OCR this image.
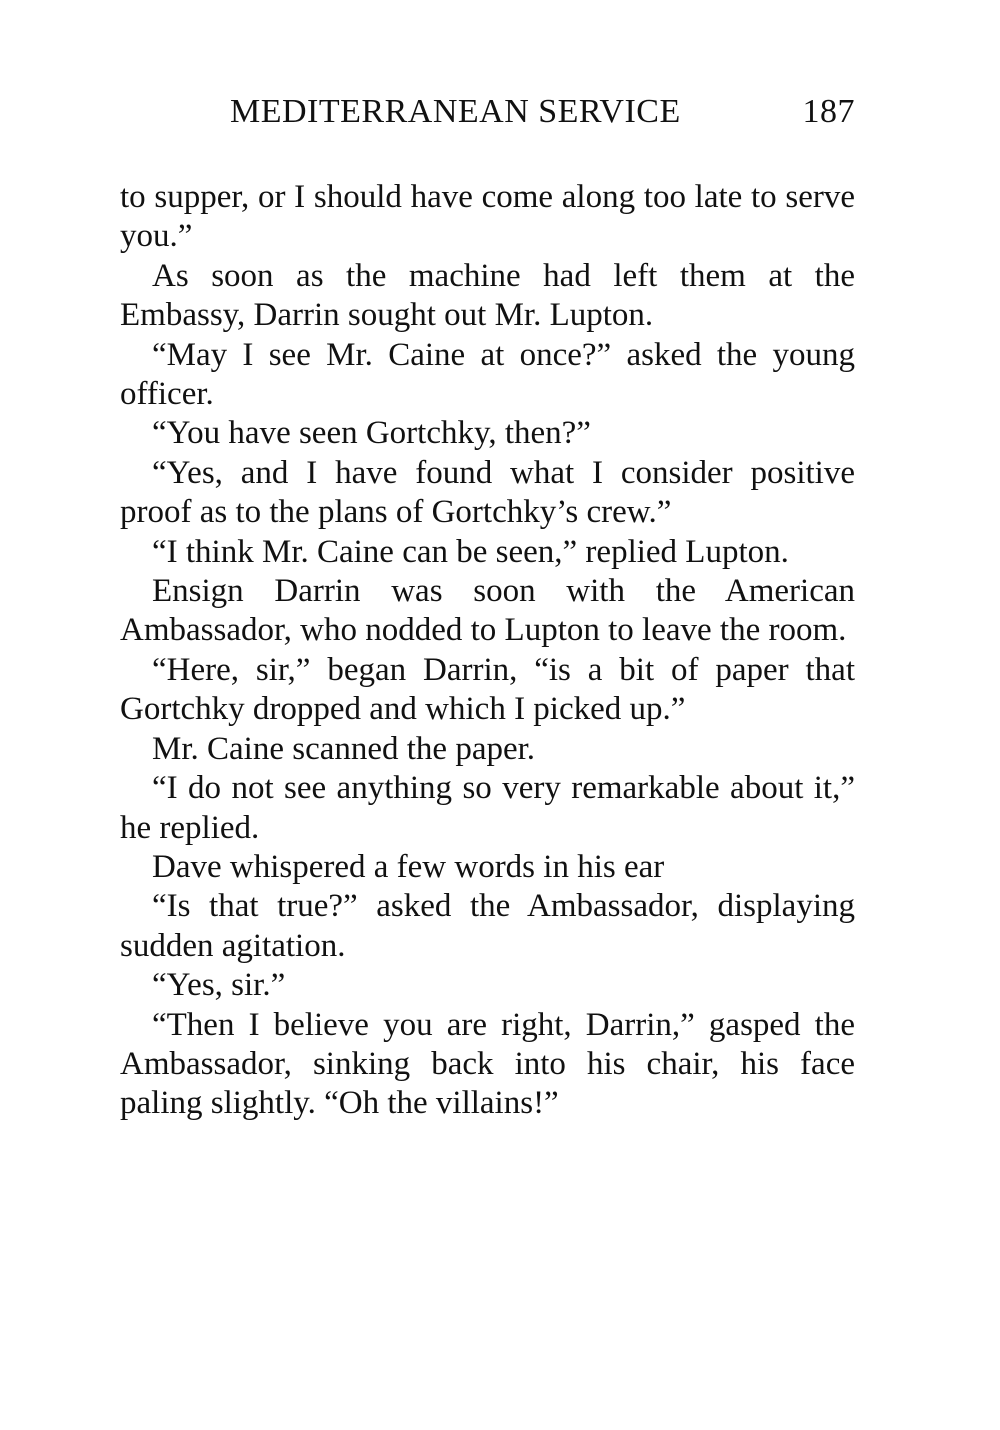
MEDITERRANEAN SERVICE	187

to supper, or I should have come along too late to serve you.”

As soon as the machine had left them at the Embassy, Darrin sought out Mr. Lupton.

“May I see Mr. Caine at once?” asked the young officer.

“You have seen Gortchky, then?”

“Yes, and I have found what I consider positive proof as to the plans of Gortchky’s crew.”

“I think Mr. Caine can be seen,” replied Lupton.

Ensign Darrin was soon with the American Ambassador, who nodded to Lupton to leave the room.

“Here, sir,” began Darrin, “is a bit of paper that Gortchky dropped and which I picked up.”

Mr. Caine scanned the paper.

“I do not see anything so very remarkable about it,” he replied.

Dave whispered a few words in his ear

“Is that true?” asked the Ambassador, displaying sudden agitation.

“Yes, sir.”

“Then I believe you are right, Darrin,” gasped the Ambassador, sinking back into his chair, his face paling slightly. “Oh the villains!”
